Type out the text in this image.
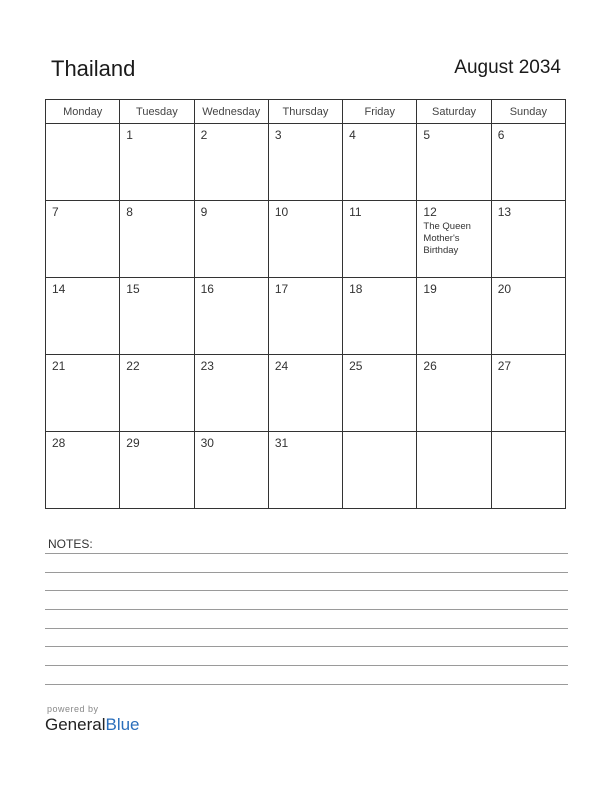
Thailand	August 2034
Monday	Tuesday	Wednesday	Thursday	Friday	Saturday	Sunday

	1	2	3	4	5	6

7	8	9	10	11	12
The Queen
Mother's
Birthday	13

14	15	16	17	18	19	20

21	22	23	24	25	26	27

28	29	30	31			

NOTES:
powered by
GeneralBlue
